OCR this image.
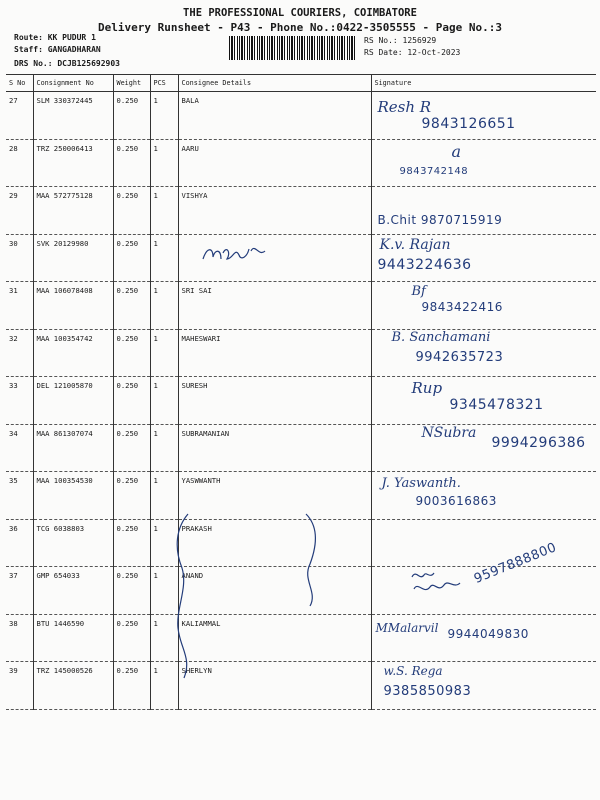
THE PROFESSIONAL COURIERS, COIMBATORE
Delivery Runsheet - P43 - Phone No.:0422-3505555 - Page No.:3
Route: KK PUDUR 1
Staff: GANGADHARAN
DRS No.: DCJB125692903
RS No.: 1256929
RS Date: 12-Oct-2023
S No	Consignment No	Weight	PCS	Consignee Details	Signature
27	SLM 330372445	0.250	1	BALA	Resh R
9843126651

28	TRZ 250006413	0.250	1	AARU	a
9843742148

29	MAA 572775128	0.250	1	VISHYA	B.Chit 9870715919

30	SVK 20129980	0.250	1		K.v. Rajan
9443224636

31	MAA 106078408	0.250	1	SRI SAI	Bf
9843422416

32	MAA 100354742	0.250	1	MAHESWARI	B. Sanchamani
9942635723

33	DEL 121005870	0.250	1	SURESH	Rup
9345478321

34	MAA 861307074	0.250	1	SUBRAMANIAN	NSubra
9994296386

35	MAA 100354530	0.250	1	YASWWANTH	J. Yaswanth.
9003616863

36	TCG 6038803	0.250	1	PRAKASH	
37	GMP 654033	0.250	1	ANAND	9597888800

38	BTU 1446590	0.250	1	KALIAMMAL	MMalarvil 9944049830

39	TRZ 145000526	0.250	1	SHERLYN	w.S. Rega
9385850983
